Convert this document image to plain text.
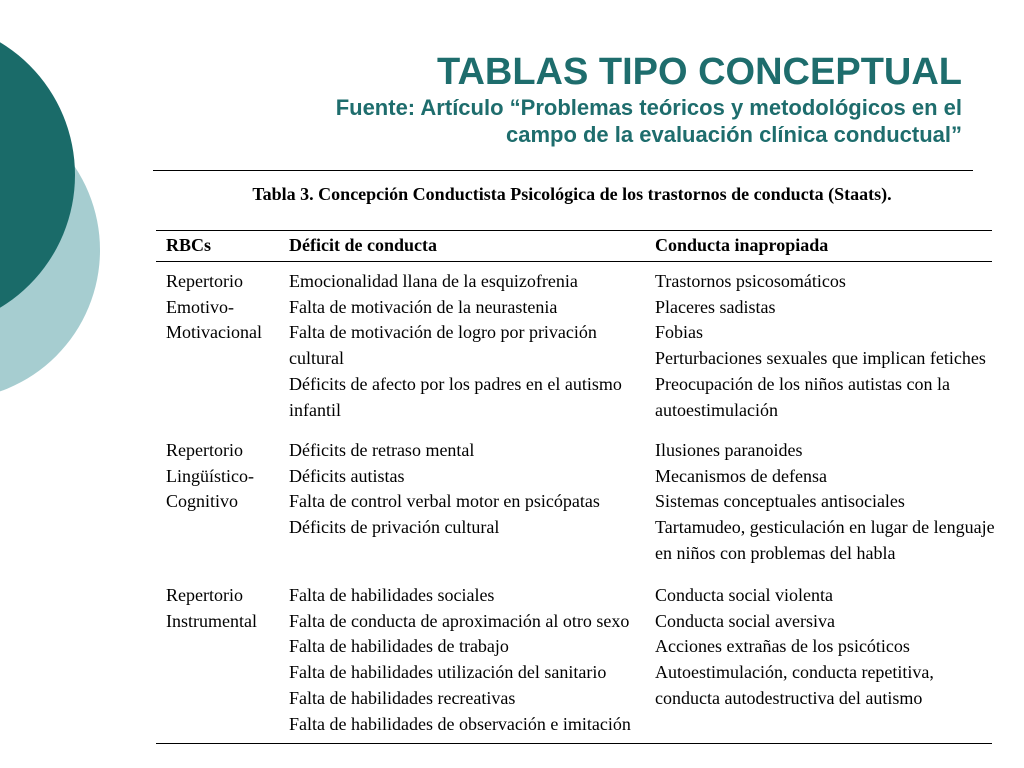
TABLAS TIPO CONCEPTUAL
Fuente: Artículo “Problemas teóricos y metodológicos en el
campo de la evaluación clínica conductual”
Tabla 3. Concepción Conductista Psicológica de los trastornos de conducta (Staats).
RBCs	Déficit de conducta	Conducta inapropiada
Repertorio
Emotivo-
Motivacional
Emocionalidad llana de la esquizofrenia
Falta de motivación de la neurastenia
Falta de motivación de logro por privación
cultural
Déficits de afecto por los padres en el autismo
infantil
Trastornos psicosomáticos
Placeres sadistas
Fobias
Perturbaciones sexuales que implican fetiches
Preocupación de los niños autistas con la
autoestimulación
Repertorio
Lingüístico-
Cognitivo
Déficits de retraso mental
Déficits autistas
Falta de control verbal motor en psicópatas
Déficits de privación cultural
Ilusiones paranoides
Mecanismos de defensa
Sistemas conceptuales antisociales
Tartamudeo, gesticulación en lugar de lenguaje
en niños con problemas del habla
Repertorio
Instrumental
Falta de habilidades sociales
Falta de conducta de aproximación al otro sexo
Falta de habilidades de trabajo
Falta de habilidades utilización del sanitario
Falta de habilidades recreativas
Falta de habilidades de observación e imitación
Conducta social violenta
Conducta social aversiva
Acciones extrañas de los psicóticos
Autoestimulación, conducta repetitiva,
conducta autodestructiva del autismo
